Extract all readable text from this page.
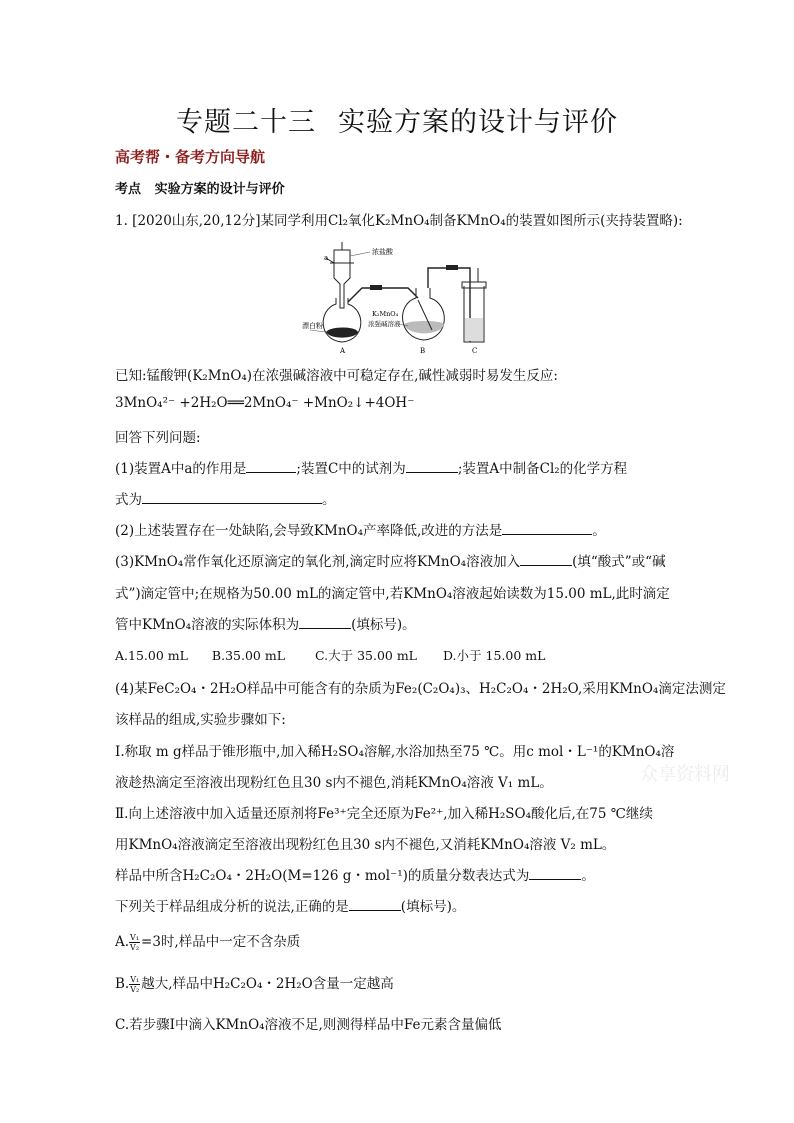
专题二十三 实验方案的设计与评价
高考帮・备考方向导航
考点 实验方案的设计与评价
1. [2020山东,20,12分]某同学利用Cl₂氧化K₂MnO₄制备KMnO₄的装置如图所示(夹持装置略):
a
浓盐酸
漂白粉
A
K₂MnO₄
浓强碱溶液
B	C
已知:锰酸钾(K₂MnO₄)在浓强碱溶液中可稳定存在,碱性减弱时易发生反应:
3MnO₄²⁻ +2H₂O══2MnO₄⁻ +MnO₂↓+4OH⁻
回答下列问题:
(1)装置A中a的作用是	;装置C中的试剂为	;装置A中制备Cl₂的化学方程
式为	。
(2)上述装置存在一处缺陷,会导致KMnO₄产率降低,改进的方法是	。
(3)KMnO₄常作氧化还原滴定的氧化剂,滴定时应将KMnO₄溶液加入	(填“酸式”或“碱
式”)滴定管中;在规格为50.00 mL的滴定管中,若KMnO₄溶液起始读数为15.00 mL,此时滴定
管中KMnO₄溶液的实际体积为	(填标号)。
A.15.00 mL B.35.00 mL C.大于 35.00 mL D.小于 15.00 mL
(4)某FeC₂O₄・2H₂O样品中可能含有的杂质为Fe₂(C₂O₄)₃、H₂C₂O₄・2H₂O,采用KMnO₄滴定法测定
该样品的组成,实验步骤如下:
Ⅰ.称取 m g样品于锥形瓶中,加入稀H₂SO₄溶解,水浴加热至75 ℃。用c mol・L⁻¹的KMnO₄溶
液趁热滴定至溶液出现粉红色且30 s内不褪色,消耗KMnO₄溶液 V₁ mL。
Ⅱ.向上述溶液中加入适量还原剂将Fe³⁺完全还原为Fe²⁺,加入稀H₂SO₄酸化后,在75 ℃继续
用KMnO₄溶液滴定至溶液出现粉红色且30 s内不褪色,又消耗KMnO₄溶液 V₂ mL。
样品中所含H₂C₂O₄・2H₂O(M=126 g・mol⁻¹)的质量分数表达式为	。
下列关于样品组成分析的说法,正确的是	(填标号)。
A. $\frac{\text{V₁}}{\text{V₂}} =3$时,样品中一定不含杂质
B. $\frac{\text{V₁}}{\text{V₂}}$ 越大,样品中H₂C₂O₄・2H₂O含量一定越高
C.若步骤Ⅰ中滴入KMnO₄溶液不足,则测得样品中Fe元素含量偏低
众享资料网
